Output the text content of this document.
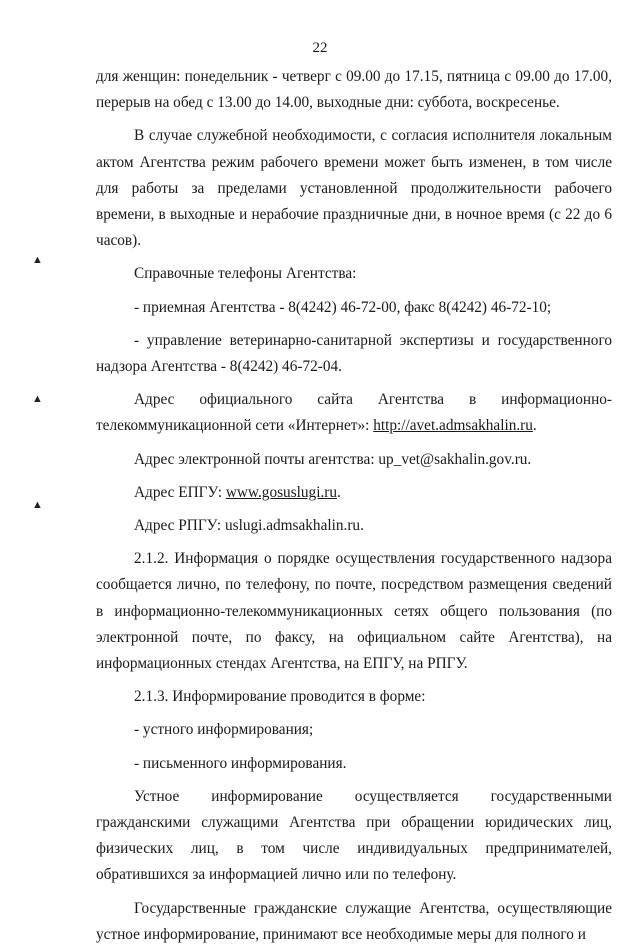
22
▲
▲
▲

для женщин: понедельник - четверг с 09.00 до 17.15, пятница с 09.00 до 17.00, перерыв на обед с 13.00 до 14.00, выходные дни: суббота, воскресенье.

В случае служебной необходимости, с согласия исполнителя локальным актом Агентства режим рабочего времени может быть изменен, в том числе для работы за пределами установленной продолжительности рабочего времени, в выходные и нерабочие праздничные дни, в ночное время (с 22 до 6 часов).

Справочные телефоны Агентства:

- приемная Агентства - 8(4242) 46-72-00, факс 8(4242) 46-72-10;

- управление ветеринарно-санитарной экспертизы и государственного надзора Агентства - 8(4242) 46-72-04.

Адрес официального сайта Агентства в информационно-телекоммуникационной сети «Интернет»: http://avet.admsakhalin.ru.

Адрес электронной почты агентства: up_vet@sakhalin.gov.ru.

Адрес ЕПГУ: www.gosuslugi.ru.

Адрес РПГУ: uslugi.admsakhalin.ru.

2.1.2. Информация о порядке осуществления государственного надзора сообщается лично, по телефону, по почте, посредством размещения сведений в информационно-телекоммуникационных сетях общего пользования (по электронной почте, по факсу, на официальном сайте Агентства), на информационных стендах Агентства, на ЕПГУ, на РПГУ.

2.1.3. Информирование проводится в форме:

- устного информирования;

- письменного информирования.

Устное информирование осуществляется государственными гражданскими служащими Агентства при обращении юридических лиц, физических лиц, в том числе индивидуальных предпринимателей, обратившихся за информацией лично или по телефону.

Государственные гражданские служащие Агентства, осуществляющие устное информирование, принимают все необходимые меры для полного и
